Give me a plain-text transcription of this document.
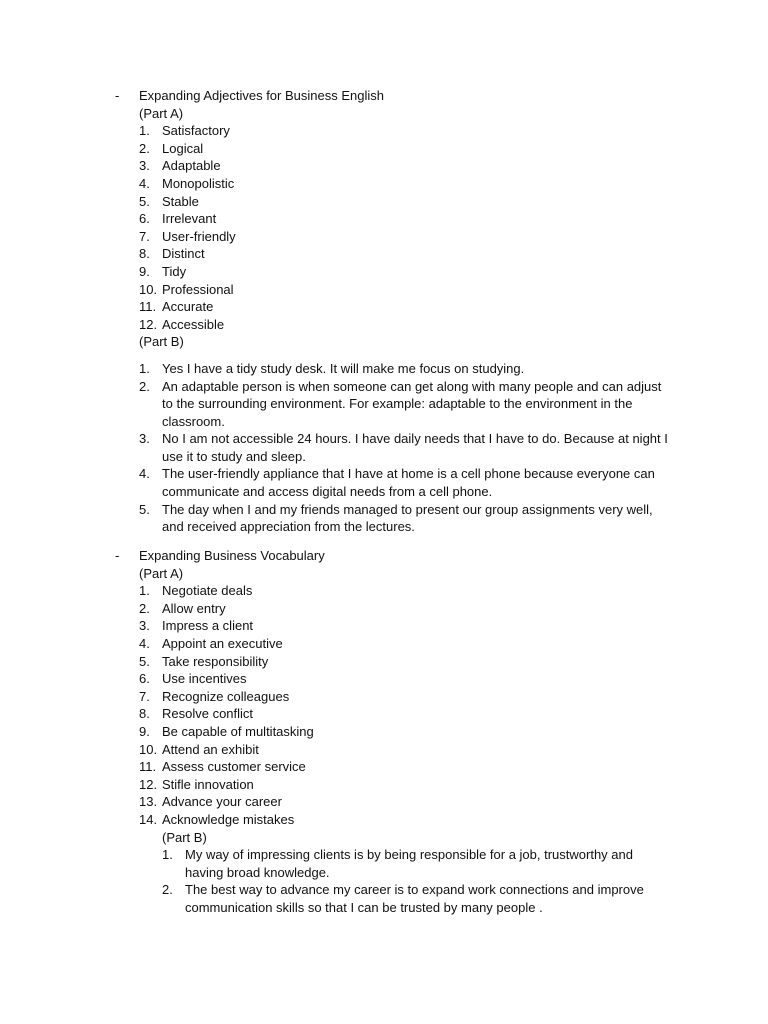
- Expanding Adjectives for Business English
(Part A)
1. Satisfactory
2. Logical
3. Adaptable
4. Monopolistic
5. Stable
6. Irrelevant
7. User-friendly
8. Distinct
9. Tidy
10. Professional
11. Accurate
12. Accessible
(Part B)
1. Yes I have a tidy study desk. It will make me focus on studying.
2. An adaptable person is when someone can get along with many people and can adjust to the surrounding environment. For example: adaptable to the environment in the classroom.
3. No I am not accessible 24 hours. I have daily needs that I have to do. Because at night I use it to study and sleep.
4. The user-friendly appliance that I have at home is a cell phone because everyone can communicate and access digital needs from a cell phone.
5. The day when I and my friends managed to present our group assignments very well, and received appreciation from the lectures.
- Expanding Business Vocabulary
(Part A)
1. Negotiate deals
2. Allow entry
3. Impress a client
4. Appoint an executive
5. Take responsibility
6. Use incentives
7. Recognize colleagues
8. Resolve conflict
9. Be capable of multitasking
10. Attend an exhibit
11. Assess customer service
12. Stifle innovation
13. Advance your career
14. Acknowledge mistakes
(Part B)
1. My way of impressing clients is by being responsible for a job, trustworthy and having broad knowledge.
2. The best way to advance my career is to expand work connections and improve communication skills so that I can be trusted by many people .
